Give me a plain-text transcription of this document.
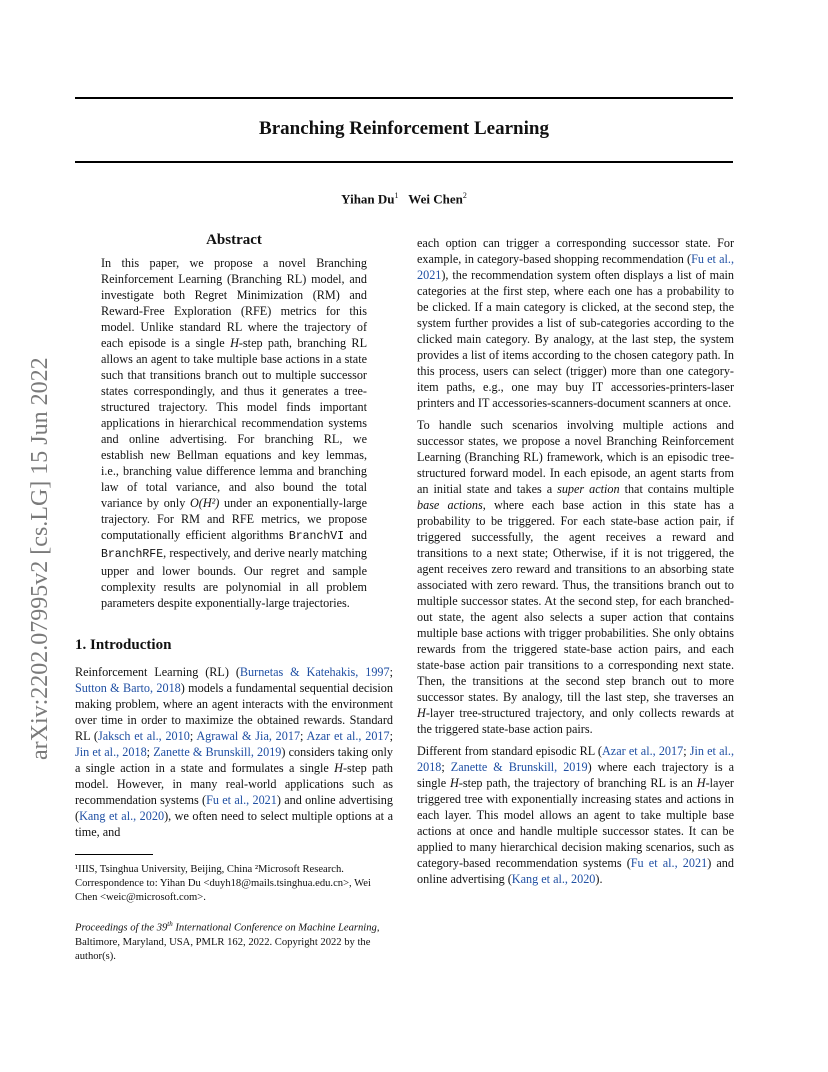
Branching Reinforcement Learning
Yihan Du$^1$ Wei Chen$^2$
arXiv:2202.07995v2 [cs.LG] 15 Jun 2022
Abstract

In this paper, we propose a novel Branching Reinforcement Learning (Branching RL) model, and investigate both Regret Minimization (RM) and Reward-Free Exploration (RFE) metrics for this model. Unlike standard RL where the trajectory of each episode is a single H-step path, branching RL allows an agent to take multiple base actions in a state such that transitions branch out to multiple successor states correspondingly, and thus it generates a tree-structured trajectory. This model finds important applications in hierarchical recommendation systems and online advertising. For branching RL, we establish new Bellman equations and key lemmas, i.e., branching value difference lemma and branching law of total variance, and also bound the total variance by only O(H²) under an exponentially-large trajectory. For RM and RFE metrics, we propose computationally efficient algorithms BranchVI and BranchRFE, respectively, and derive nearly matching upper and lower bounds. Our regret and sample complexity results are polynomial in all problem parameters despite exponentially-large trajectories.

1. Introduction

Reinforcement Learning (RL) (Burnetas & Katehakis, 1997; Sutton & Barto, 2018) models a fundamental sequential decision making problem, where an agent interacts with the environment over time in order to maximize the obtained rewards. Standard RL (Jaksch et al., 2010; Agrawal & Jia, 2017; Azar et al., 2017; Jin et al., 2018; Zanette & Brunskill, 2019) considers taking only a single action in a state and formulates a single H-step path model. However, in many real-world applications such as recommendation systems (Fu et al., 2021) and online advertising (Kang et al., 2020), we often need to select multiple options at a time, and

¹IIIS, Tsinghua University, Beijing, China ²Microsoft Research. Correspondence to: Yihan Du <duyh18@mails.tsinghua.edu.cn>, Wei Chen <weic@microsoft.com>.

Proceedings of the 39th International Conference on Machine Learning, Baltimore, Maryland, USA, PMLR 162, 2022. Copyright 2022 by the author(s).

each option can trigger a corresponding successor state. For example, in category-based shopping recommendation (Fu et al., 2021), the recommendation system often displays a list of main categories at the first step, where each one has a probability to be clicked. If a main category is clicked, at the second step, the system further provides a list of sub-categories according to the clicked main category. By analogy, at the last step, the system provides a list of items according to the chosen category path. In this process, users can select (trigger) more than one category-item paths, e.g., one may buy IT accessories-printers-laser printers and IT accessories-scanners-document scanners at once.

To handle such scenarios involving multiple actions and successor states, we propose a novel Branching Reinforcement Learning (Branching RL) framework, which is an episodic tree-structured forward model. In each episode, an agent starts from an initial state and takes a super action that contains multiple base actions, where each base action in this state has a probability to be triggered. For each state-base action pair, if triggered successfully, the agent receives a reward and transitions to a next state; Otherwise, if it is not triggered, the agent receives zero reward and transitions to an absorbing state associated with zero reward. Thus, the transitions branch out to multiple successor states. At the second step, for each branched-out state, the agent also selects a super action that contains multiple base actions with trigger probabilities. She only obtains rewards from the triggered state-base action pairs, and each state-base action pair transitions to a corresponding next state. Then, the transitions at the second step branch out to more successor states. By analogy, till the last step, she traverses an H-layer tree-structured trajectory, and only collects rewards at the triggered state-base action pairs.

Different from standard episodic RL (Azar et al., 2017; Jin et al., 2018; Zanette & Brunskill, 2019) where each trajectory is a single H-step path, the trajectory of branching RL is an H-layer triggered tree with exponentially increasing states and actions in each layer. This model allows an agent to take multiple base actions at once and handle multiple successor states. It can be applied to many hierarchical decision making scenarios, such as category-based recommendation systems (Fu et al., 2021) and online advertising (Kang et al., 2020).
